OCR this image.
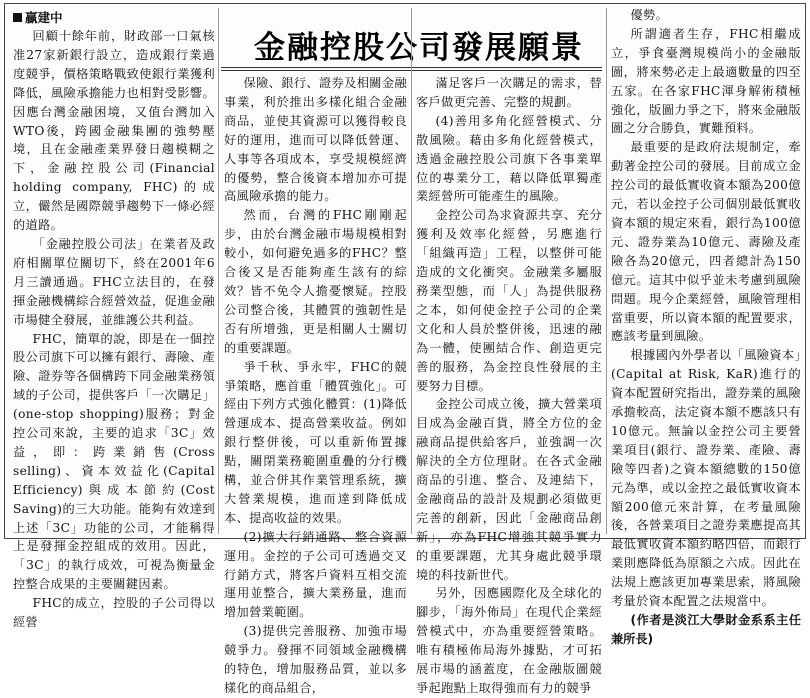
贏建中
金融控股公司發展願景

回顧十餘年前，財政部一口氣核准27家新銀行設立，造成銀行業過度競爭，價格策略戰致使銀行業獲利降低，風險承擔能力也相對受影響。因應台灣金融困境，又值台灣加入WTO後，跨國金融集團的強勢壓境，且在金融產業界發日趨模糊之下，金融控股公司(Financial holding company, FHC)的成立，儼然是國際競爭趨勢下一條必經的道路。

「金融控股公司法」在業者及政府相關單位關切下，終在2001年6月三讀通過。FHC立法目的，在發揮金融機構綜合經營效益，促進金融市場健全發展，並維護公共利益。

FHC，簡單的說，即是在一個控股公司旗下可以擁有銀行、壽險、產險、證券等各個構跨下同金融業務領域的子公司，提供客戶「一次購足」(one-stop shopping)服務；對金控公司來說，主要的追求「3C」效益，即：跨業銷售(Cross selling)、資本效益化(Capital Efficiency)與成本節約(Cost Saving)的三大功能。能夠有效達到上述「3C」功能的公司，才能稱得上是發揮金控組成的效用。因此，「3C」的執行成效，可視為衡量金控整合成果的主要關鍵因素。

FHC的成立，控股的子公司得以經營

保險、銀行、證券及相關金融事業，利於推出多樣化組合金融商品，並使其資源可以獲得較良好的運用，進而可以降低營運、人事等各項成本，享受規模經濟的優勢，整合後資本增加亦可提高風險承擔的能力。

然而，台灣的FHC剛剛起步，由於台灣金融市場規模相對較小，如何避免過多的FHC？整合後又是否能夠產生該有的綜效？皆不免令人擔憂懷疑。控股公司整合後，其體質的強韌性是否有所增強，更是相關人士關切的重要課題。

爭千秋、爭永牢，FHC的競爭策略，應首重「體質強化」。可經由下列方式強化體質：(1)降低營運成本、提高營業收益。例如銀行整併後，可以重新佈置據點，關閉業務範圍重疊的分行機構，並合併其作業管理系統，擴大營業規模，進而達到降低成本、提高收益的效果。

(2)擴大行銷通路、整合資源運用。金控的子公司可透過交叉行銷方式，將客戶資料互相交流運用並整合，擴大業務量，進而增加營業範圍。

(3)提供完善服務、加強市場競爭力。發揮不同領域金融機構的特色，增加服務品質，並以多樣化的商品組合，

滿足客戶一次購足的需求，替客戶做更完善、完整的規劃。

(4)善用多角化經營模式、分散風險。藉由多角化經營模式，透過金融控股公司旗下各事業單位的專業分工，藉以降低單獨產業經營所可能產生的風險。

金控公司為求資源共享、充分獲利及效率化經營，另應進行「組織再造」工程，以整併可能造成的文化衝突。金融業多屬服務業型態，而「人」為提供服務之本，如何使金控子公司的企業文化和人員於整併後，迅速的融為一體，使團結合作、創造更完善的服務，為金控良性發展的主要努力目標。

金控公司成立後，擴大營業項目成為金融百貨，將全方位的金融商品提供給客戶，並強調一次解決的全方位理財。在各式金融商品的引進、整合、及連結下，金融商品的設計及規劃必須做更完善的創新，因此「金融商品創新」，亦為FHC增強其競爭實力的重要課題，尤其身處此競爭環境的科技新世代。

另外，因應國際化及全球化的腳步，「海外佈局」在現代企業經營模式中，亦為重要經營策略。唯有積極佈局海外據點，才可拓展市場的涵蓋度，在金融版圖競爭起跑點上取得強而有力的競爭

優勢。

所謂適者生存，FHC相繼成立，爭食臺灣規模尚小的金融版圖，將來勢必走上最適數量的四至五家。在各家FHC渾身解術積極強化，版圖力爭之下，將來金融版圖之分合勝負，實難預料。

最重要的是政府法規制定，牽動著金控公司的發展。目前成立金控公司的最低實收資本額為200億元，若以金控子公司個別最低實收資本額的規定來看，銀行為100億元、證券業為10億元、壽險及產險各為20億元，四者總計為150億元。這其中似乎並未考慮到風險問題。現今企業經營，風險管理相當重要，所以資本額的配置要求，應該考量到風險。

根據國內外學者以「風險資本」(Capital at Risk, KaR)進行的資本配置研究指出，證券業的風險承擔較高，法定資本額不應該只有10億元。無論以金控公司主要營業項目(銀行、證券業、產險、壽險等四者)之資本額總數的150億元為準，或以金控之最低實收資本額200億元來計算，在考量風險後，各營業項目之證券業應提高其最低實收資本額約略四倍，而銀行業則應降低為原額之六成。因此在法規上應該更加專業思索，將風險考量於資本配置之法規當中。

(作者是淡江大學財金系系主任兼所長)
